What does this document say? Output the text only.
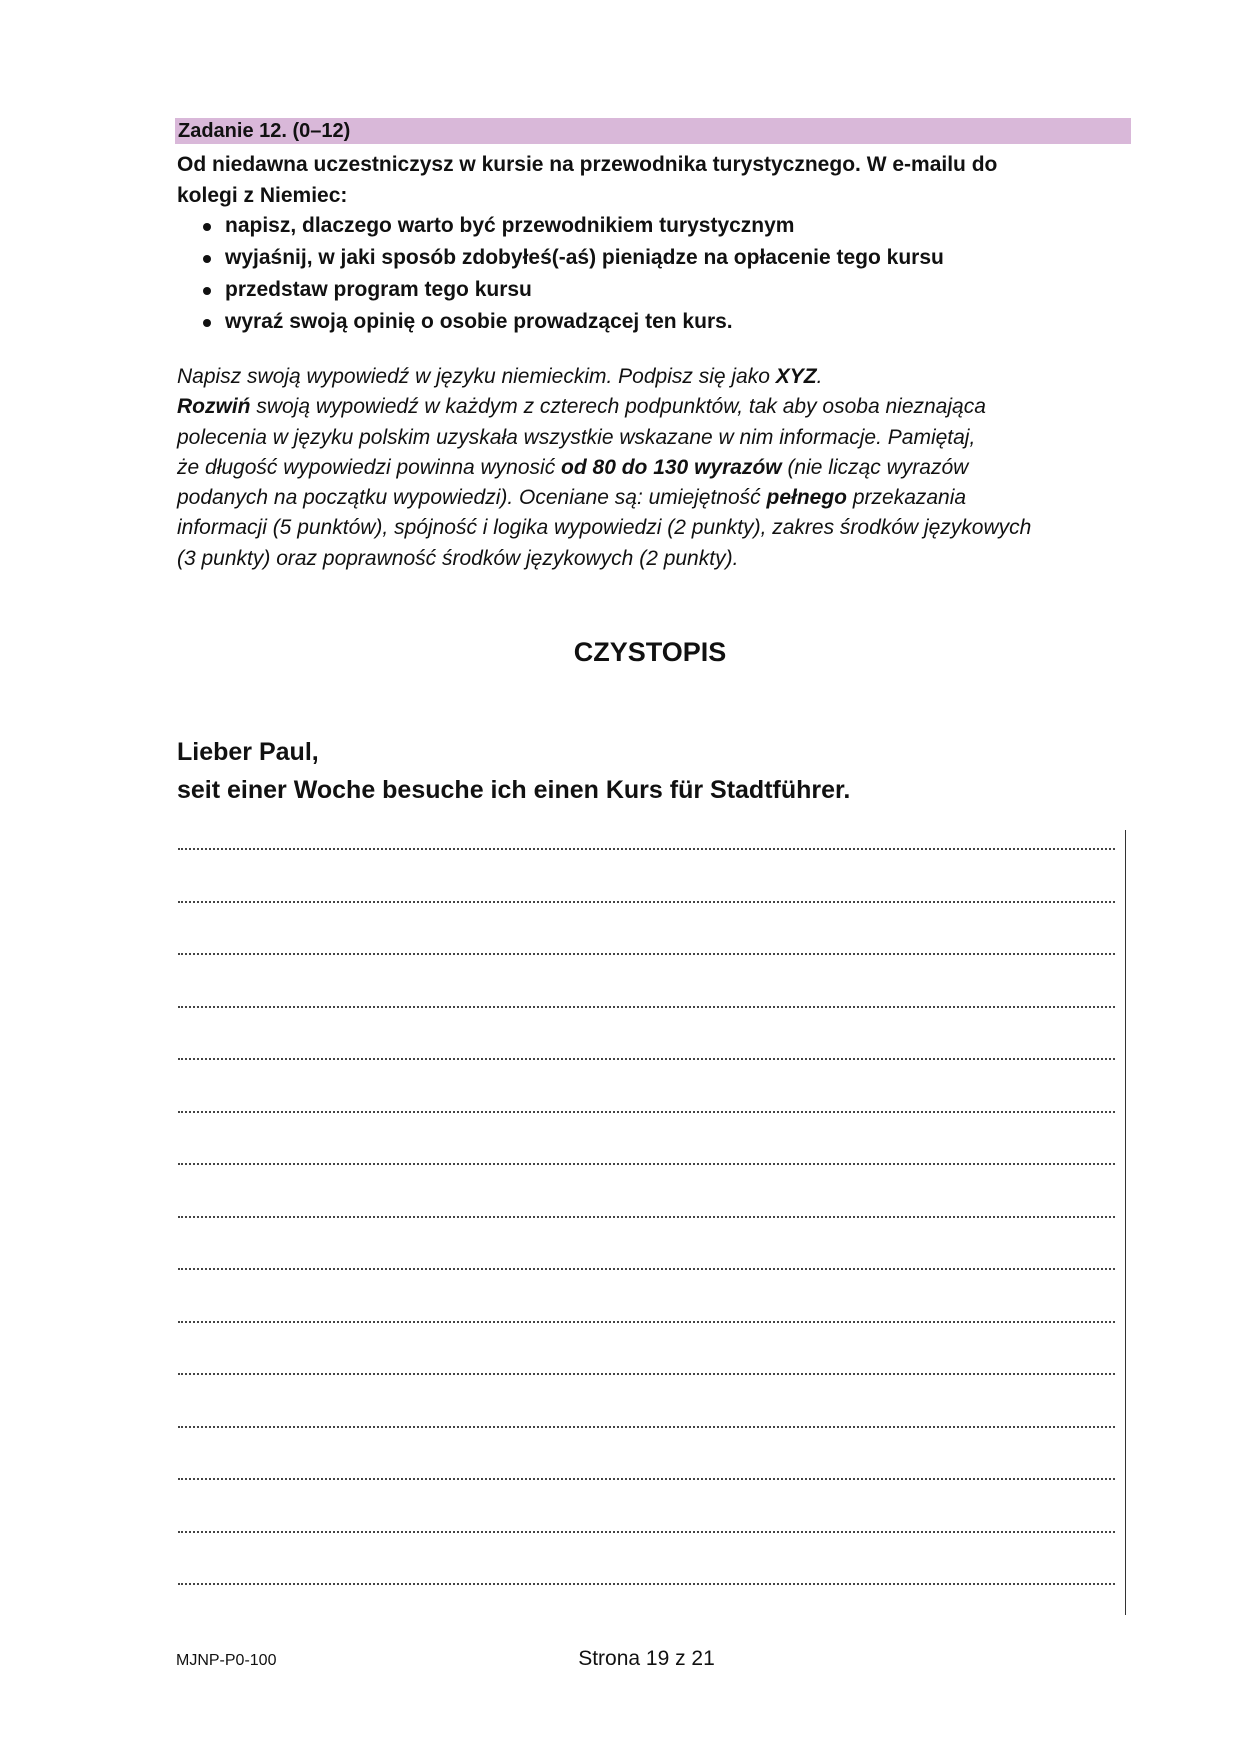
Zadanie 12. (0–12)

Od niedawna uczestniczysz w kursie na przewodnika turystycznego. W e-mailu do
kolegi z Niemiec:

napisz, dlaczego warto być przewodnikiem turystycznym
wyjaśnij, w jaki sposób zdobyłeś(-aś) pieniądze na opłacenie tego kursu
przedstaw program tego kursu
wyraź swoją opinię o osobie prowadzącej ten kurs.

Napisz swoją wypowiedź w języku niemieckim. Podpisz się jako XYZ.
Rozwiń swoją wypowiedź w każdym z czterech podpunktów, tak aby osoba nieznająca
polecenia w języku polskim uzyskała wszystkie wskazane w nim informacje. Pamiętaj,
że długość wypowiedzi powinna wynosić od 80 do 130 wyrazów (nie licząc wyrazów
podanych na początku wypowiedzi). Oceniane są: umiejętność pełnego przekazania
informacji (5 punktów), spójność i logika wypowiedzi (2 punkty), zakres środków językowych
(3 punkty) oraz poprawność środków językowych (2 punkty).

CZYSTOPIS
Lieber Paul,
seit einer Woche besuche ich einen Kurs für Stadtführer.
MJNP-P0-100	Strona 19 z 21
